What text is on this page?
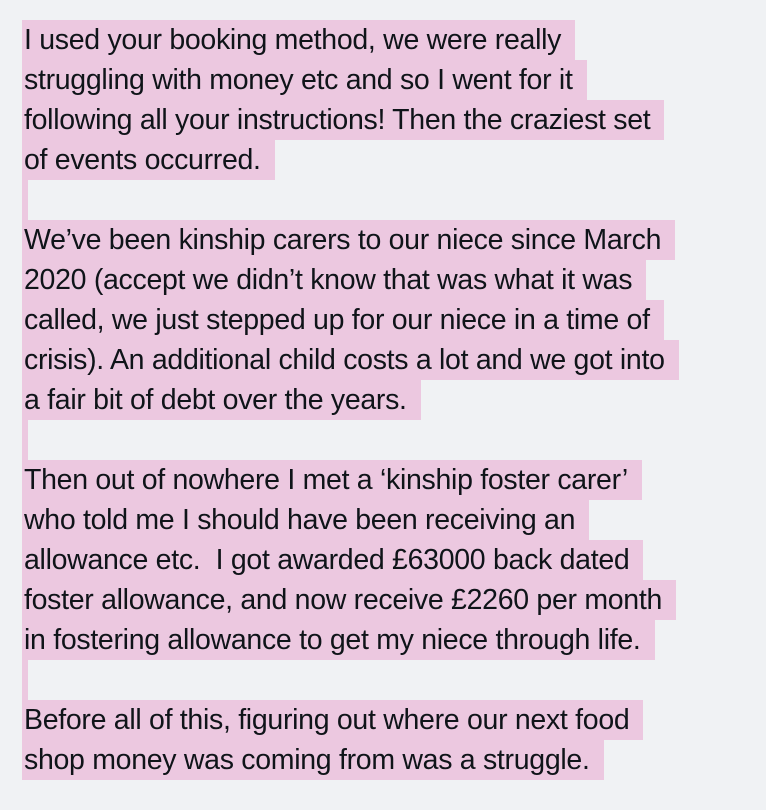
I used your booking method, we were really
struggling with money etc and so I went for it
following all your instructions! Then the craziest set
of events occurred.
We’ve been kinship carers to our niece since March
2020 (accept we didn’t know that was what it was
called, we just stepped up for our niece in a time of
crisis). An additional child costs a lot and we got into
a fair bit of debt over the years.
Then out of nowhere I met a ‘kinship foster carer’
who told me I should have been receiving an
allowance etc.  I got awarded £63000 back dated
foster allowance, and now receive £2260 per month
in fostering allowance to get my niece through life.
Before all of this, figuring out where our next food
shop money was coming from was a struggle.
